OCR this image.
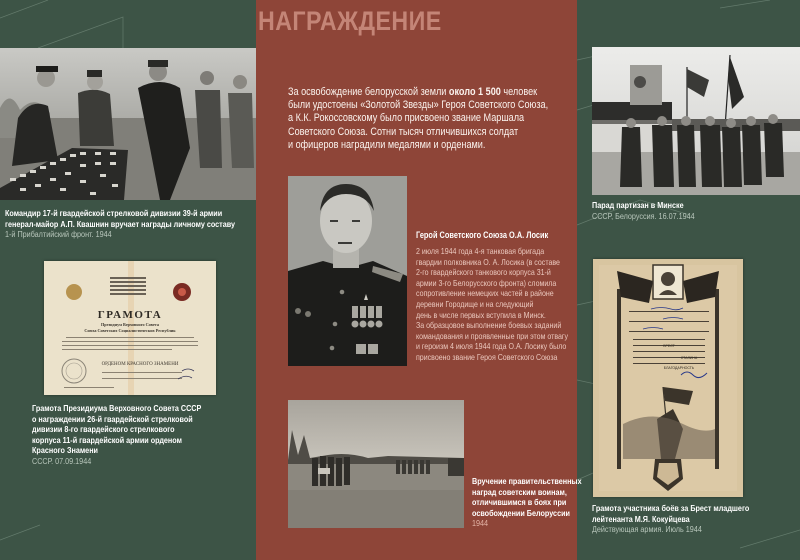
НАГРАЖДЕНИЕ
За освобождение белорусской земли около 1 500 человек
были удостоены «Золотой Звезды» Героя Советского Союза,
а К.К. Рокоссовскому было присвоено звание Маршала
Советского Союза. Сотни тысяч отличившихся солдат
и офицеров наградили медалями и орденами.
Командир 17-й гвардейской стрелковой дивизии 39-й армии
генерал-майор А.П. Квашнин вручает награды личному составу
1-й Прибалтийский фронт. 1944
Парад партизан в Минске
СССР, Белоруссия. 16.07.1944
ГРАМОТА
Президиум Верховного Совета
Союза Советских Социалистических Республик
ОРДЕНОМ КРАСНОГО ЗНАМЕНИ
Грамота Президиума Верховного Совета СССР
о награждении 26-й гвардейской стрелковой
дивизии 8-го гвардейского стрелкового
корпуса 11-й гвардейской армии орденом
Красного Знамени
СССР. 07.09.1944
Герой Советского Союза О.А. Лосик
2 июля 1944 года 4-я танковая бригада
гвардии полковника О. А. Лосика (в составе
2-го гвардейского танкового корпуса 31-й
армии 3-го Белорусского фронта) сломила
сопротивление немецких частей в районе
деревни Городище и на следующий
день в числе первых вступила в Минск.
За образцовое выполнение боевых заданий
командования и проявленные при этом отвагу
и героизм 4 июля 1944 года О.А. Лосику было
присвоено звание Героя Советского Союза
Вручение правительственных
наград советским воинам,
отличившимся в боях при
освобождении Белоруссии
1944
БРЕСТ
СТАЛИНА
БЛАГОДАРНОСТЬ
Грамота участника боёв за Брест младшего
лейтенанта М.Я. Кокуйцева
Действующая армия. Июль 1944
